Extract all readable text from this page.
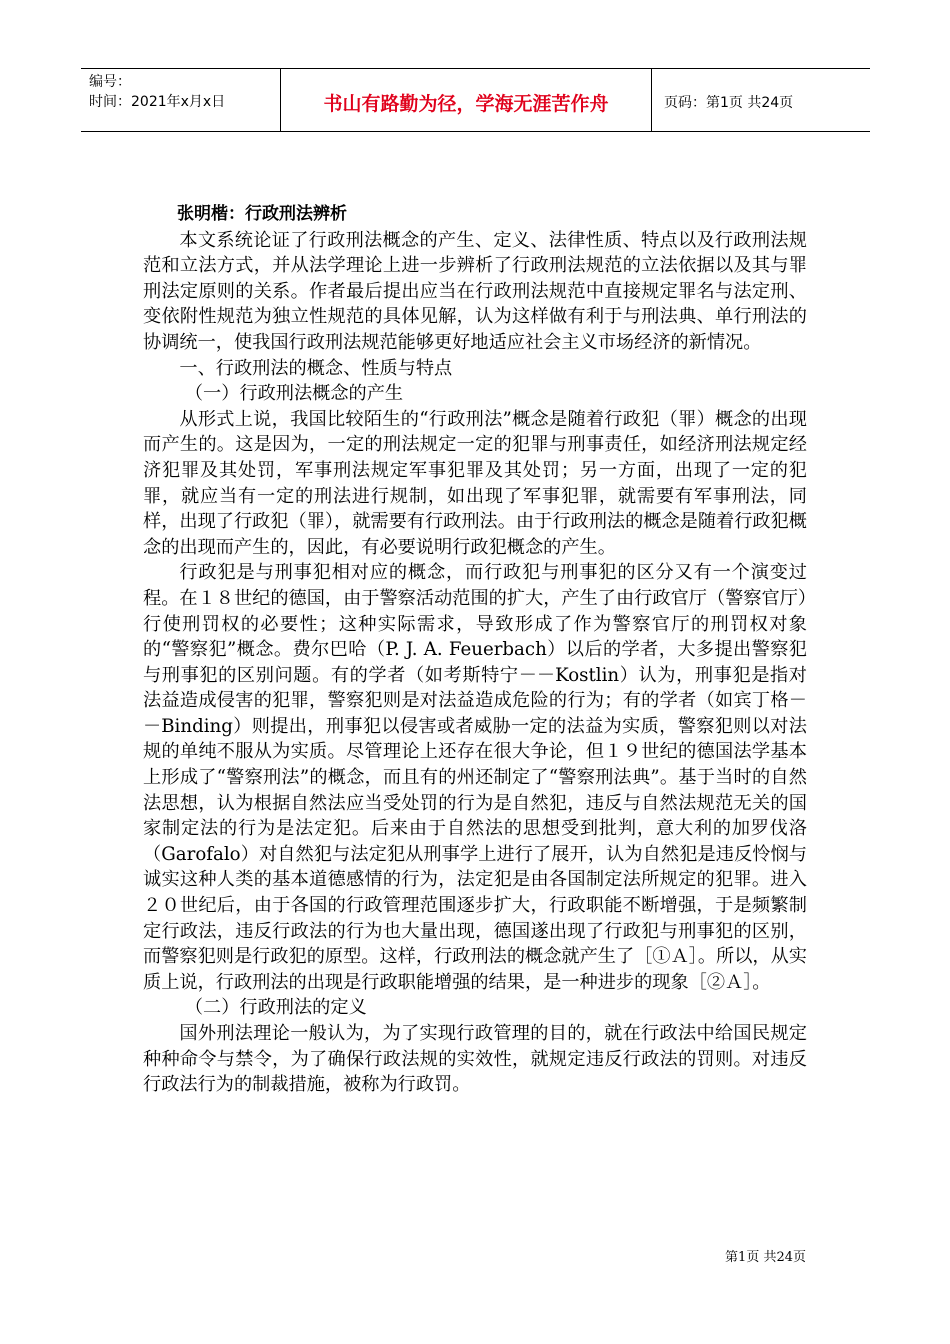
编号：
时间：2021年x月x日	书山有路勤为径，学海无涯苦作舟	页码：第1页 共24页

张明楷：行政刑法辨析

本文系统论证了行政刑法概念的产生、定义、法律性质、特点以及行政刑法规范和立法方式，并从法学理论上进一步辨析了行政刑法规范的立法依据以及其与罪刑法定原则的关系。作者最后提出应当在行政刑法规范中直接规定罪名与法定刑、变依附性规范为独立性规范的具体见解，认为这样做有利于与刑法典、单行刑法的协调统一，使我国行政刑法规范能够更好地适应社会主义市场经济的新情况。

一、行政刑法的概念、性质与特点

（一）行政刑法概念的产生

从形式上说，我国比较陌生的“行政刑法”概念是随着行政犯（罪）概念的出现而产生的。这是因为，一定的刑法规定一定的犯罪与刑事责任，如经济刑法规定经济犯罪及其处罚，军事刑法规定军事犯罪及其处罚；另一方面，出现了一定的犯罪，就应当有一定的刑法进行规制，如出现了军事犯罪，就需要有军事刑法，同样，出现了行政犯（罪），就需要有行政刑法。由于行政刑法的概念是随着行政犯概念的出现而产生的，因此，有必要说明行政犯概念的产生。

行政犯是与刑事犯相对应的概念，而行政犯与刑事犯的区分又有一个演变过程。在１８世纪的德国，由于警察活动范围的扩大，产生了由行政官厅（警察官厅）行使刑罚权的必要性；这种实际需求，导致形成了作为警察官厅的刑罚权对象的“警察犯”概念。费尔巴哈（P. J. A. Feuerbach）以后的学者，大多提出警察犯与刑事犯的区别问题。有的学者（如考斯特宁－－Kostlin）认为，刑事犯是指对法益造成侵害的犯罪，警察犯则是对法益造成危险的行为；有的学者（如宾丁格－－Binding）则提出，刑事犯以侵害或者威胁一定的法益为实质，警察犯则以对法规的单纯不服从为实质。尽管理论上还存在很大争论，但１９世纪的德国法学基本上形成了“警察刑法”的概念，而且有的州还制定了“警察刑法典”。基于当时的自然法思想，认为根据自然法应当受处罚的行为是自然犯，违反与自然法规范无关的国家制定法的行为是法定犯。后来由于自然法的思想受到批判，意大利的加罗伐洛（Garofalo）对自然犯与法定犯从刑事学上进行了展开，认为自然犯是违反怜悯与诚实这种人类的基本道德感情的行为，法定犯是由各国制定法所规定的犯罪。进入２０世纪后，由于各国的行政管理范围逐步扩大，行政职能不断增强，于是频繁制定行政法，违反行政法的行为也大量出现，德国遂出现了行政犯与刑事犯的区别，而警察犯则是行政犯的原型。这样，行政刑法的概念就产生了［①Ａ］。所以，从实质上说，行政刑法的出现是行政职能增强的结果，是一种进步的现象［②Ａ］。

（二）行政刑法的定义

国外刑法理论一般认为，为了实现行政管理的目的，就在行政法中给国民规定种种命令与禁令，为了确保行政法规的实效性，就规定违反行政法的罚则。对违反行政法行为的制裁措施，被称为行政罚。

第1页 共24页
